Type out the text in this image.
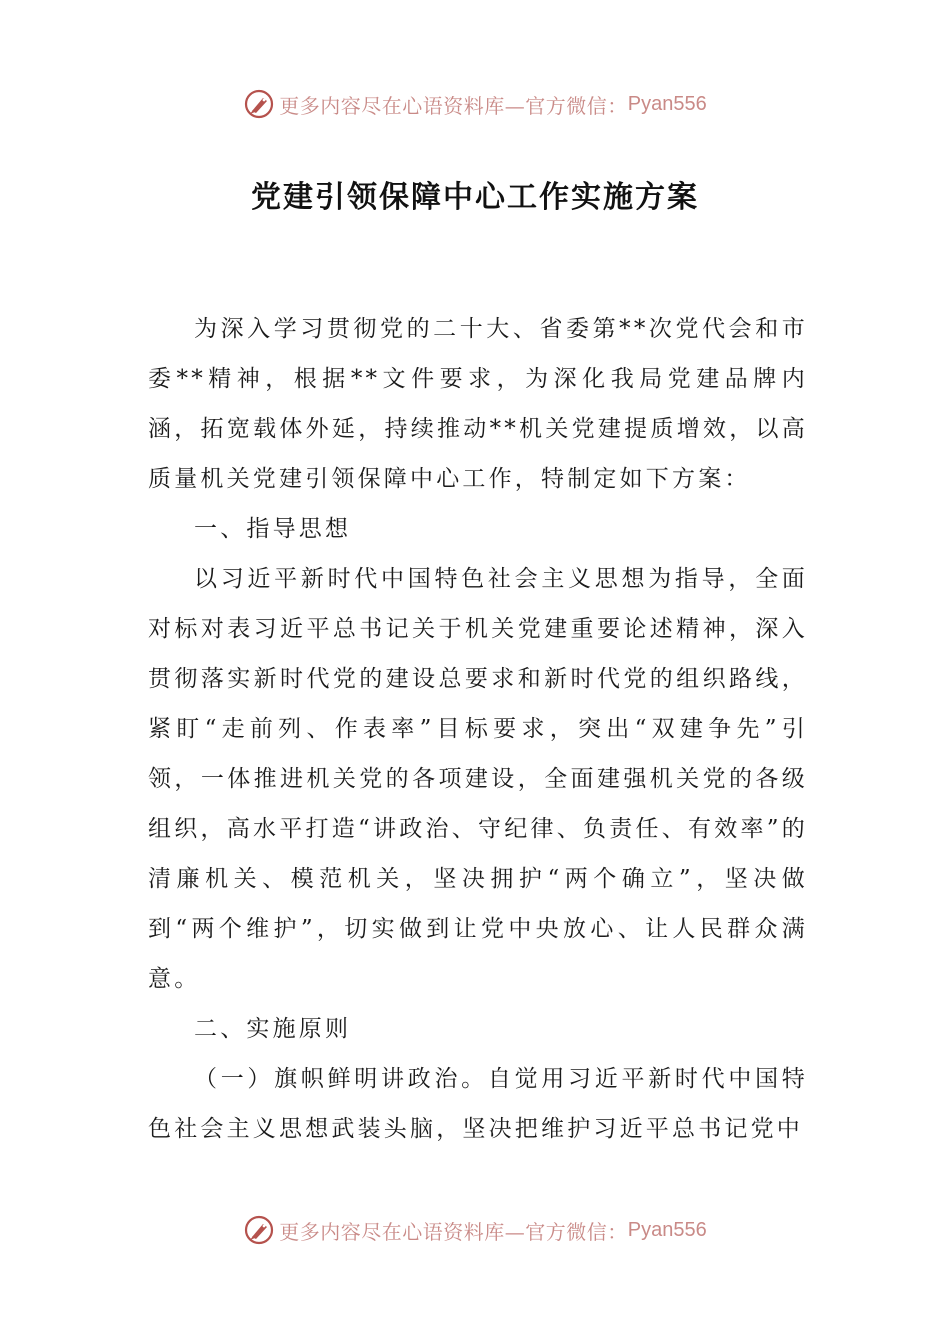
更多内容尽在心语资料库—官方微信： Pyan556
党建引领保障中心工作实施方案

为深入学习贯彻党的二十大、省委第**次党代会和市委**精神，根据**文件要求，为深化我局党建品牌内涵，拓宽载体外延，持续推动**机关党建提质增效，以高质量机关党建引领保障中心工作，特制定如下方案：

一、指导思想

以习近平新时代中国特色社会主义思想为指导，全面对标对表习近平总书记关于机关党建重要论述精神，深入贯彻落实新时代党的建设总要求和新时代党的组织路线，紧盯“走前列、作表率”目标要求，突出“双建争先”引领，一体推进机关党的各项建设，全面建强机关党的各级组织，高水平打造“讲政治、守纪律、负责任、有效率”的清廉机关、模范机关，坚决拥护“两个确立”，坚决做到“两个维护”，切实做到让党中央放心、让人民群众满意。

二、实施原则

（一）旗帜鲜明讲政治。自觉用习近平新时代中国特色社会主义思想武装头脑，坚决把维护习近平总书记党中

更多内容尽在心语资料库—官方微信： Pyan556
